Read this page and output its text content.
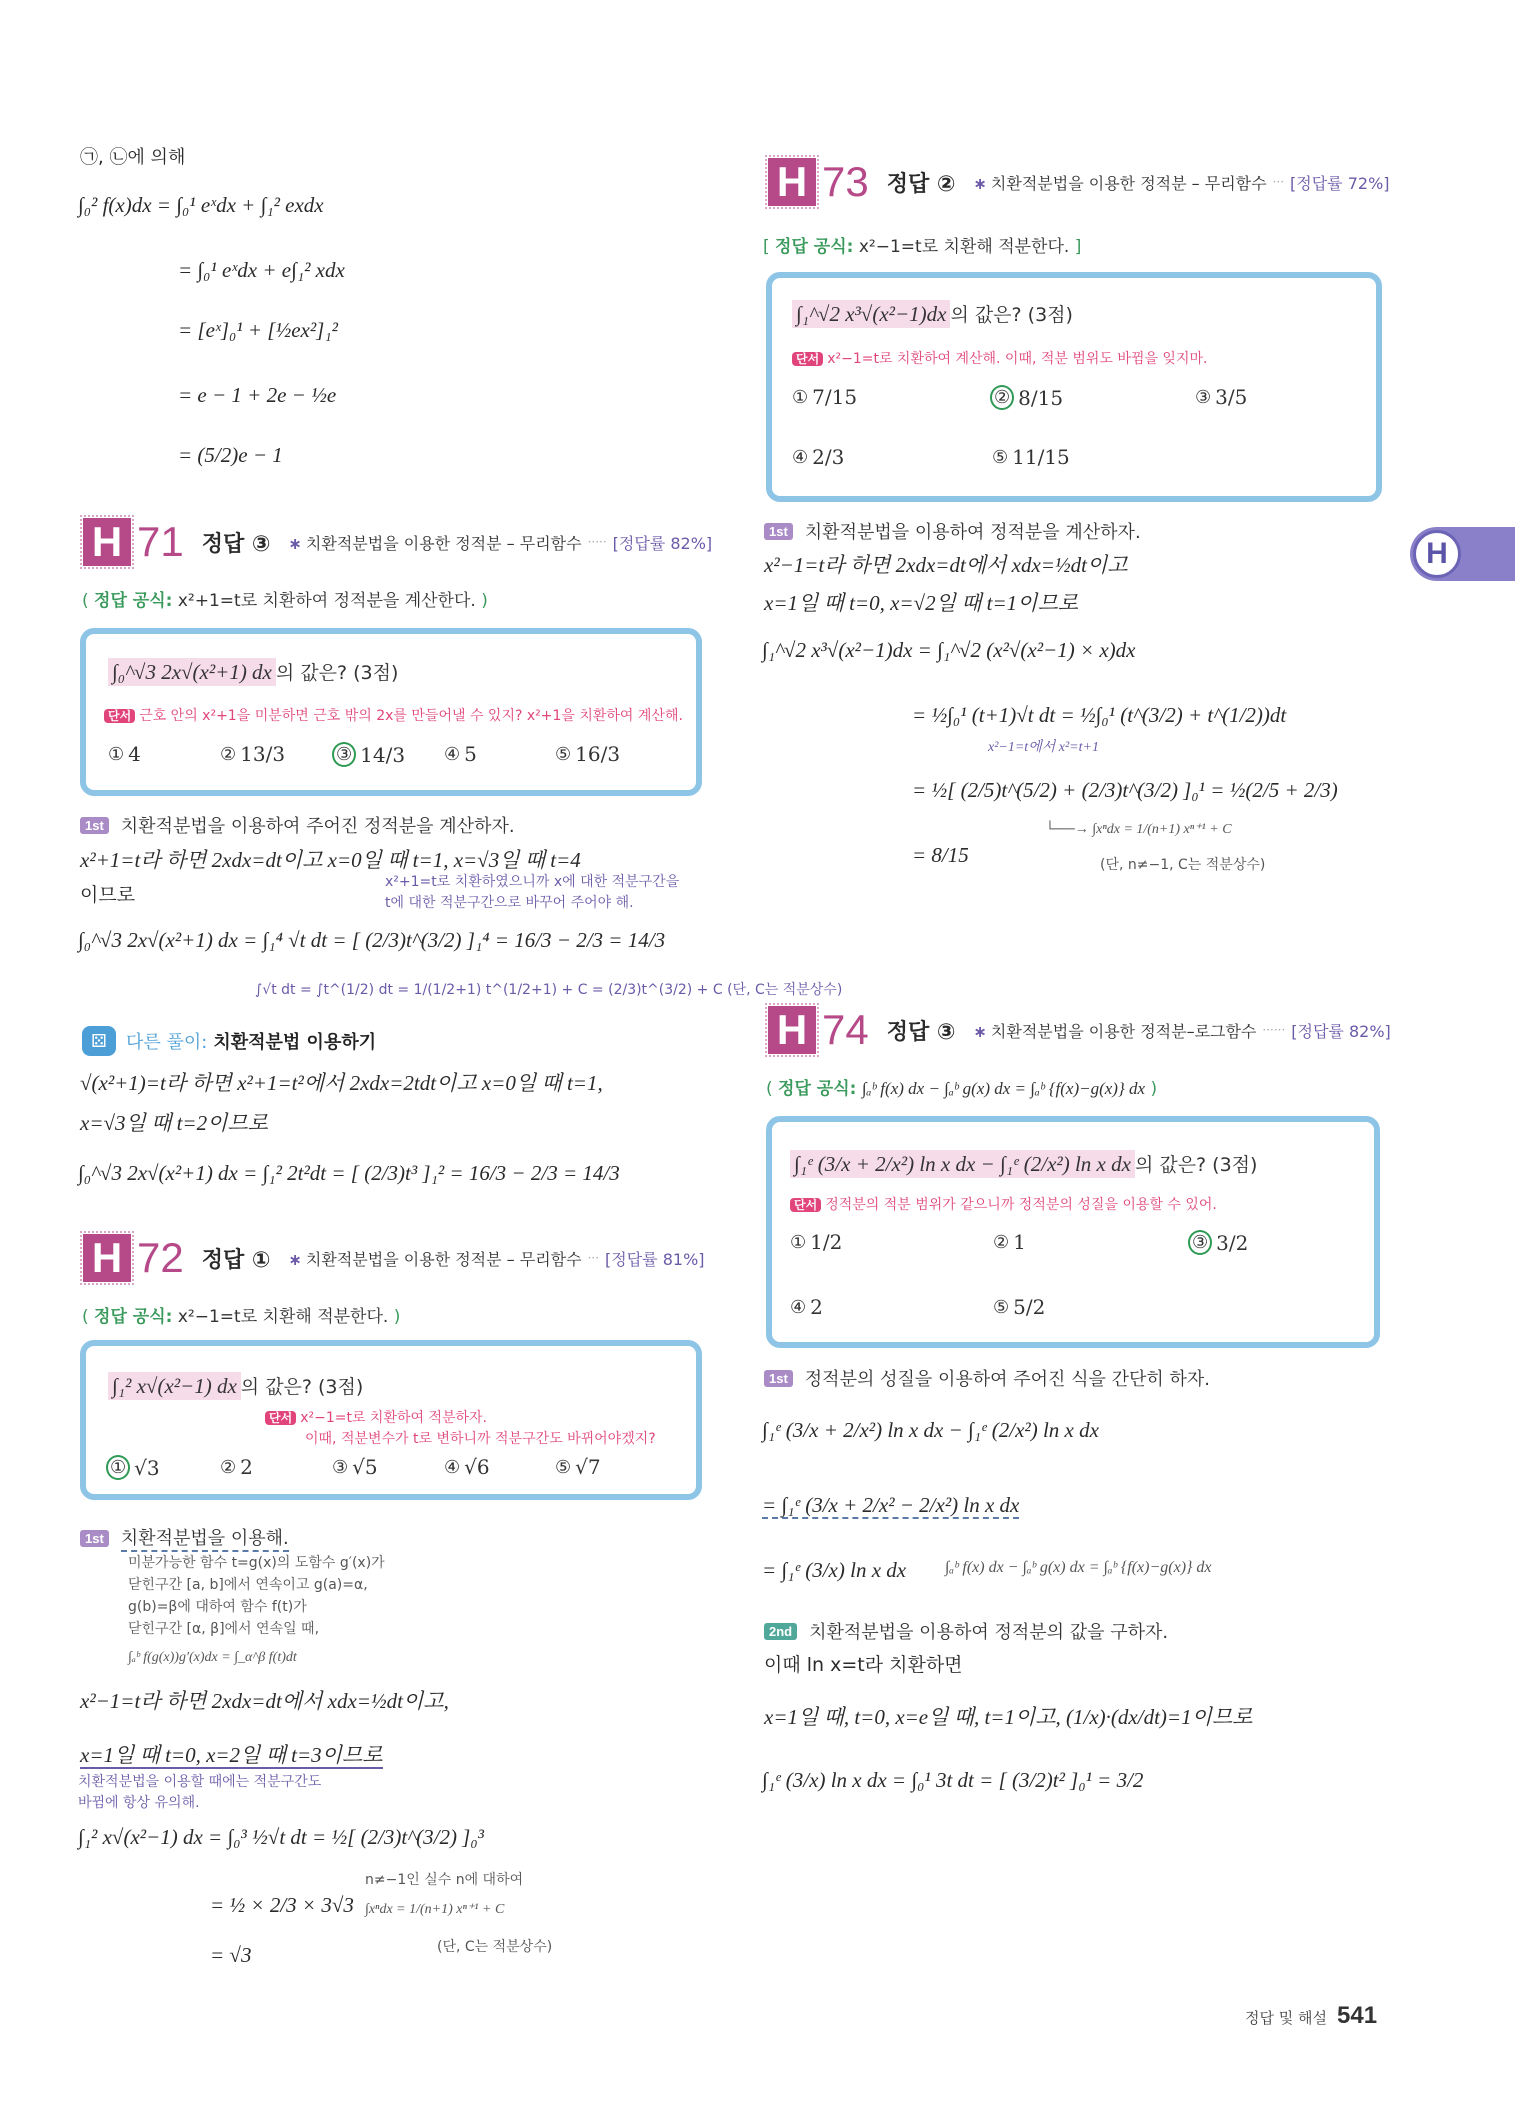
㉠, ㉡에 의해
∫₀² f(x)dx = ∫₀¹ eˣdx + ∫₁² exdx
= ∫₀¹ eˣdx + e∫₁² xdx
= [eˣ]₀¹ + [½ex²]₁²
= e − 1 + 2e − ½e
= (5/2)e − 1
H 71 정답 ③ ∗ 치환적분법을 이용한 정적분 – 무리함수 ····· [정답률 82%]
( 정답 공식: x²+1=t로 치환하여 정적분을 계산한다. )
∫₀^√3 2x√(x²+1) dx 의 값은? (3점)
단서 근호 안의 x²+1을 미분하면 근호 밖의 2x를 만들어낼 수 있지? x²+1을 치환하여 계산해.
① 4	② 13/3	③ 14/3 ④ 5	⑤ 16/3
1st 치환적분법을 이용하여 주어진 정적분을 계산하자.
x²+1=t라 하면 2xdx=dt이고 x=0일 때 t=1, x=√3일 때 t=4
이므로
x²+1=t로 치환하였으니까 x에 대한 적분구간을
t에 대한 적분구간으로 바꾸어 주어야 해.
∫₀^√3 2x√(x²+1) dx = ∫₁⁴ √t dt = [ (2/3)t^(3/2) ]₁⁴ = 16/3 − 2/3 = 14/3
∫√t dt = ∫t^(1/2) dt = 1/(1/2+1) t^(1/2+1) + C = (2/3)t^(3/2) + C (단, C는 적분상수)
⚄	다른 풀이: 치환적분법 이용하기
√(x²+1)=t라 하면 x²+1=t²에서 2xdx=2tdt이고 x=0일 때 t=1,
x=√3일 때 t=2이므로
∫₀^√3 2x√(x²+1) dx = ∫₁² 2t²dt = [ (2/3)t³ ]₁² = 16/3 − 2/3 = 14/3
H 72 정답 ① ∗ 치환적분법을 이용한 정적분 – 무리함수 ··· [정답률 81%]
( 정답 공식: x²−1=t로 치환해 적분한다. )
∫₁² x√(x²−1) dx 의 값은? (3점)
단서 x²−1=t로 치환하여 적분하자.
이때, 적분변수가 t로 변하니까 적분구간도 바뀌어야겠지?
① √3	② 2	③ √5	④ √6	⑤ √7
1st 치환적분법을 이용해.
미분가능한 함수 t=g(x)의 도함수 g′(x)가
닫힌구간 [a, b]에서 연속이고 g(a)=α,
g(b)=β에 대하여 함수 f(t)가
닫힌구간 [α, β]에서 연속일 때,
∫ₐᵇ f(g(x))g′(x)dx = ∫_α^β f(t)dt
x²−1=t라 하면 2xdx=dt에서 xdx=½dt이고,
x=1일 때 t=0, x=2일 때 t=3이므로
치환적분법을 이용할 때에는 적분구간도
바뀜에 항상 유의해.
∫₁² x√(x²−1) dx = ∫₀³ ½√t dt = ½[ (2/3)t^(3/2) ]₀³
= ½ × 2/3 × 3√3
= √3
n≠−1인 실수 n에 대하여
∫xⁿdx = 1/(n+1) xⁿ⁺¹ + C
(단, C는 적분상수)
H 73 정답 ② ∗ 치환적분법을 이용한 정적분 – 무리함수 ··· [정답률 72%]
[ 정답 공식: x²−1=t로 치환해 적분한다. ]
∫₁^√2 x³√(x²−1)dx 의 값은? (3점)
단서 x²−1=t로 치환하여 계산해. 이때, 적분 범위도 바뀜을 잊지마.
① 7/15	② 8/15	③ 3/5
④ 2/3	⑤ 11/15
1st 치환적분법을 이용하여 정적분을 계산하자.
x²−1=t라 하면 2xdx=dt에서 xdx=½dt이고
x=1일 때 t=0, x=√2일 때 t=1이므로
∫₁^√2 x³√(x²−1)dx = ∫₁^√2 (x²√(x²−1) × x)dx
= ½∫₀¹ (t+1)√t dt = ½∫₀¹ (t^(3/2) + t^(1/2))dt
x²−1=t에서 x²=t+1
= ½[ (2/5)t^(5/2) + (2/3)t^(3/2) ]₀¹ = ½(2/5 + 2/3)
└──→ ∫xⁿdx = 1/(n+1) xⁿ⁺¹ + C
= 8/15	(단, n≠−1, C는 적분상수)
H
H 74 정답 ③ ∗ 치환적분법을 이용한 정적분–로그함수 ······ [정답률 82%]
( 정답 공식: ∫ₐᵇ f(x) dx − ∫ₐᵇ g(x) dx = ∫ₐᵇ {f(x)−g(x)} dx )
∫₁ᵉ (3/x + 2/x²) ln x dx − ∫₁ᵉ (2/x²) ln x dx 의 값은? (3점)
단서 정적분의 적분 범위가 같으니까 정적분의 성질을 이용할 수 있어.
① 1/2	② 1	③ 3/2
④ 2	⑤ 5/2
1st 정적분의 성질을 이용하여 주어진 식을 간단히 하자.
∫₁ᵉ (3/x + 2/x²) ln x dx − ∫₁ᵉ (2/x²) ln x dx
= ∫₁ᵉ (3/x + 2/x² − 2/x²) ln x dx
= ∫₁ᵉ (3/x) ln x dx ∫ₐᵇ f(x) dx − ∫ₐᵇ g(x) dx = ∫ₐᵇ {f(x)−g(x)} dx
2nd 치환적분법을 이용하여 정적분의 값을 구하자.
이때 ln x=t라 치환하면
x=1일 때, t=0, x=e일 때, t=1이고, (1/x)·(dx/dt)=1이므로
∫₁ᵉ (3/x) ln x dx = ∫₀¹ 3t dt = [ (3/2)t² ]₀¹ = 3/2
정답 및 해설 541
